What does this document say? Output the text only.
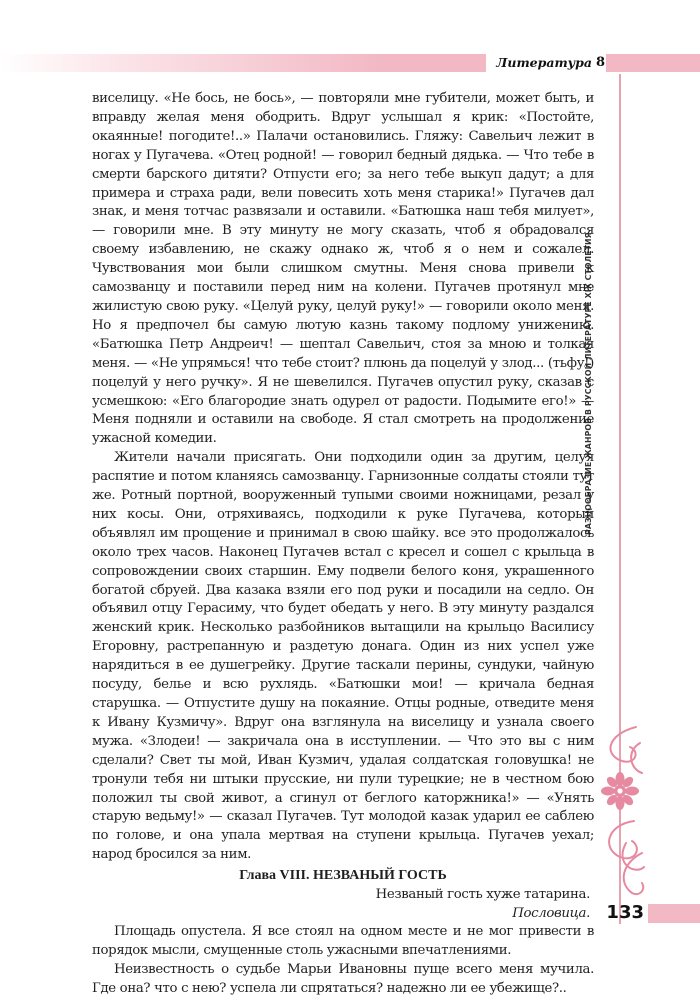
Литература 8
РАЗНООБРАЗИЕ ЖАНРОВ В РУССКОЙ ЛИТЕРАТУРЕ XIX СТОЛЕТИЯ

виселицу. «Не бось, не бось», — повторяли мне губители, может быть, и вправду желая меня ободрить. Вдруг услышал я крик: «Постойте, окаянные! погодите!..» Палачи остановились. Гляжу: Савельич лежит в ногах у Пугачева. «Отец родной! — говорил бедный дядька. — Что тебе в смерти барского дитяти? Отпусти его; за него тебе выкуп дадут; а для примера и страха ради, вели повесить хоть меня старика!» Пугачев дал знак, и меня тотчас развязали и оставили. «Батюшка наш тебя милует», — говорили мне. В эту минуту не могу сказать, чтоб я обрадовался своему избавлению, не скажу однако ж, чтоб я о нем и сожалел. Чувствования мои были слишком смутны. Меня снова привели к самозванцу и поставили перед ним на колени. Пугачев протянул мне жилистую свою руку. «Целуй руку, целуй руку!» — говорили около меня. Но я предпочел бы самую лютую казнь такому подлому унижению. «Батюшка Петр Андреич! — шептал Савельич, стоя за мною и толкая меня. — «Не упрямься! что тебе стоит? плюнь да поцелуй у злод... (тьфу!) поцелуй у него ручку». Я не шевелился. Пугачев опустил руку, сказав с усмешкою: «Его благородие знать одурел от радости. Подымите его!» — Меня подняли и оставили на свободе. Я стал смотреть на продолжение ужасной комедии.

Жители начали присягать. Они подходили один за другим, целуя распятие и потом кланяясь самозванцу. Гарнизонные солдаты стояли тут же. Ротный портной, вооруженный тупыми своими ножницами, резал у них косы. Они, отряхиваясь, подходили к руке Пугачева, который объявлял им прощение и принимал в свою шайку. все это продолжалось около трех часов. Наконец Пугачев встал с кресел и сошел с крыльца в сопровождении своих старшин. Ему подвели белого коня, украшенного богатой сбруей. Два казака взяли его под руки и посадили на седло. Он объявил отцу Герасиму, что будет обедать у него. В эту минуту раздался женский крик. Несколько разбойников вытащили на крыльцо Василису Егоровну, растрепанную и раздетую донага. Один из них успел уже нарядиться в ее душегрейку. Другие таскали перины, сундуки, чайную посуду, белье и всю рухлядь. «Батюшки мои! — кричала бедная старушка. — Отпустите душу на покаяние. Отцы родные, отведите меня к Ивану Кузмичу». Вдруг она взглянула на виселицу и узнала своего мужа. «Злодеи! — закричала она в исступлении. — Что это вы с ним сделали? Свет ты мой, Иван Кузмич, удалая солдатская головушка! не тронули тебя ни штыки прусские, ни пули турецкие; не в честном бою положил ты свой живот, а сгинул от беглого каторжника!» — «Унять старую ведьму!» — сказал Пугачев. Тут молодой казак ударил ее саблею по голове, и она упала мертвая на ступени крыльца. Пугачев уехал; народ бросился за ним.

Глава VIII. НЕЗВАНЫЙ ГОСТЬ
Незваный гость хуже татарина.
Пословица.

Площадь опустела. Я все стоял на одном месте и не мог привести в порядок мысли, смущенные столь ужасными впечатлениями.

Неизвестность о судьбе Марьи Ивановны пуще всего меня мучила. Где она? что с нею? успела ли спрятаться? надежно ли ее убежище?..

133
